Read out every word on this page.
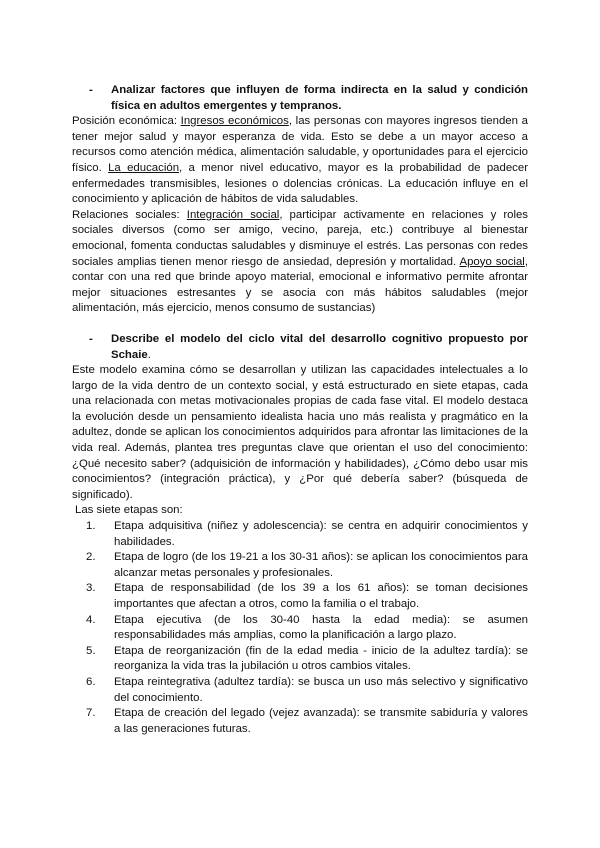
-	Analizar factores que influyen de forma indirecta en la salud y condición física en adultos emergentes y tempranos.

Posición económica: Ingresos económicos, las personas con mayores ingresos tienden a tener mejor salud y mayor esperanza de vida. Esto se debe a un mayor acceso a recursos como atención médica, alimentación saludable, y oportunidades para el ejercicio físico. La educación, a menor nivel educativo, mayor es la probabilidad de padecer enfermedades transmisibles, lesiones o dolencias crónicas. La educación influye en el conocimiento y aplicación de hábitos de vida saludables.

Relaciones sociales: Integración social, participar activamente en relaciones y roles sociales diversos (como ser amigo, vecino, pareja, etc.) contribuye al bienestar emocional, fomenta conductas saludables y disminuye el estrés. Las personas con redes sociales amplias tienen menor riesgo de ansiedad, depresión y mortalidad. Apoyo social, contar con una red que brinde apoyo material, emocional e informativo permite afrontar mejor situaciones estresantes y se asocia con más hábitos saludables (mejor alimentación, más ejercicio, menos consumo de sustancias)

-	Describe el modelo del ciclo vital del desarrollo cognitivo propuesto por Schaie.

Este modelo examina cómo se desarrollan y utilizan las capacidades intelectuales a lo largo de la vida dentro de un contexto social, y está estructurado en siete etapas, cada una relacionada con metas motivacionales propias de cada fase vital. El modelo destaca la evolución desde un pensamiento idealista hacia uno más realista y pragmático en la adultez, donde se aplican los conocimientos adquiridos para afrontar las limitaciones de la vida real. Además, plantea tres preguntas clave que orientan el uso del conocimiento: ¿Qué necesito saber? (adquisición de información y habilidades), ¿Cómo debo usar mis conocimientos? (integración práctica), y ¿Por qué debería saber? (búsqueda de significado).

Las siete etapas son:

1.	Etapa adquisitiva (niñez y adolescencia): se centra en adquirir conocimientos y habilidades.
2.	Etapa de logro (de los 19-21 a los 30-31 años): se aplican los conocimientos para alcanzar metas personales y profesionales.
3.	Etapa de responsabilidad (de los 39 a los 61 años): se toman decisiones importantes que afectan a otros, como la familia o el trabajo.
4.	Etapa ejecutiva (de los 30-40 hasta la edad media): se asumen responsabilidades más amplias, como la planificación a largo plazo.
5.	Etapa de reorganización (fin de la edad media - inicio de la adultez tardía): se reorganiza la vida tras la jubilación u otros cambios vitales.
6.	Etapa reintegrativa (adultez tardía): se busca un uso más selectivo y significativo del conocimiento.
7.	Etapa de creación del legado (vejez avanzada): se transmite sabiduría y valores a las generaciones futuras.
